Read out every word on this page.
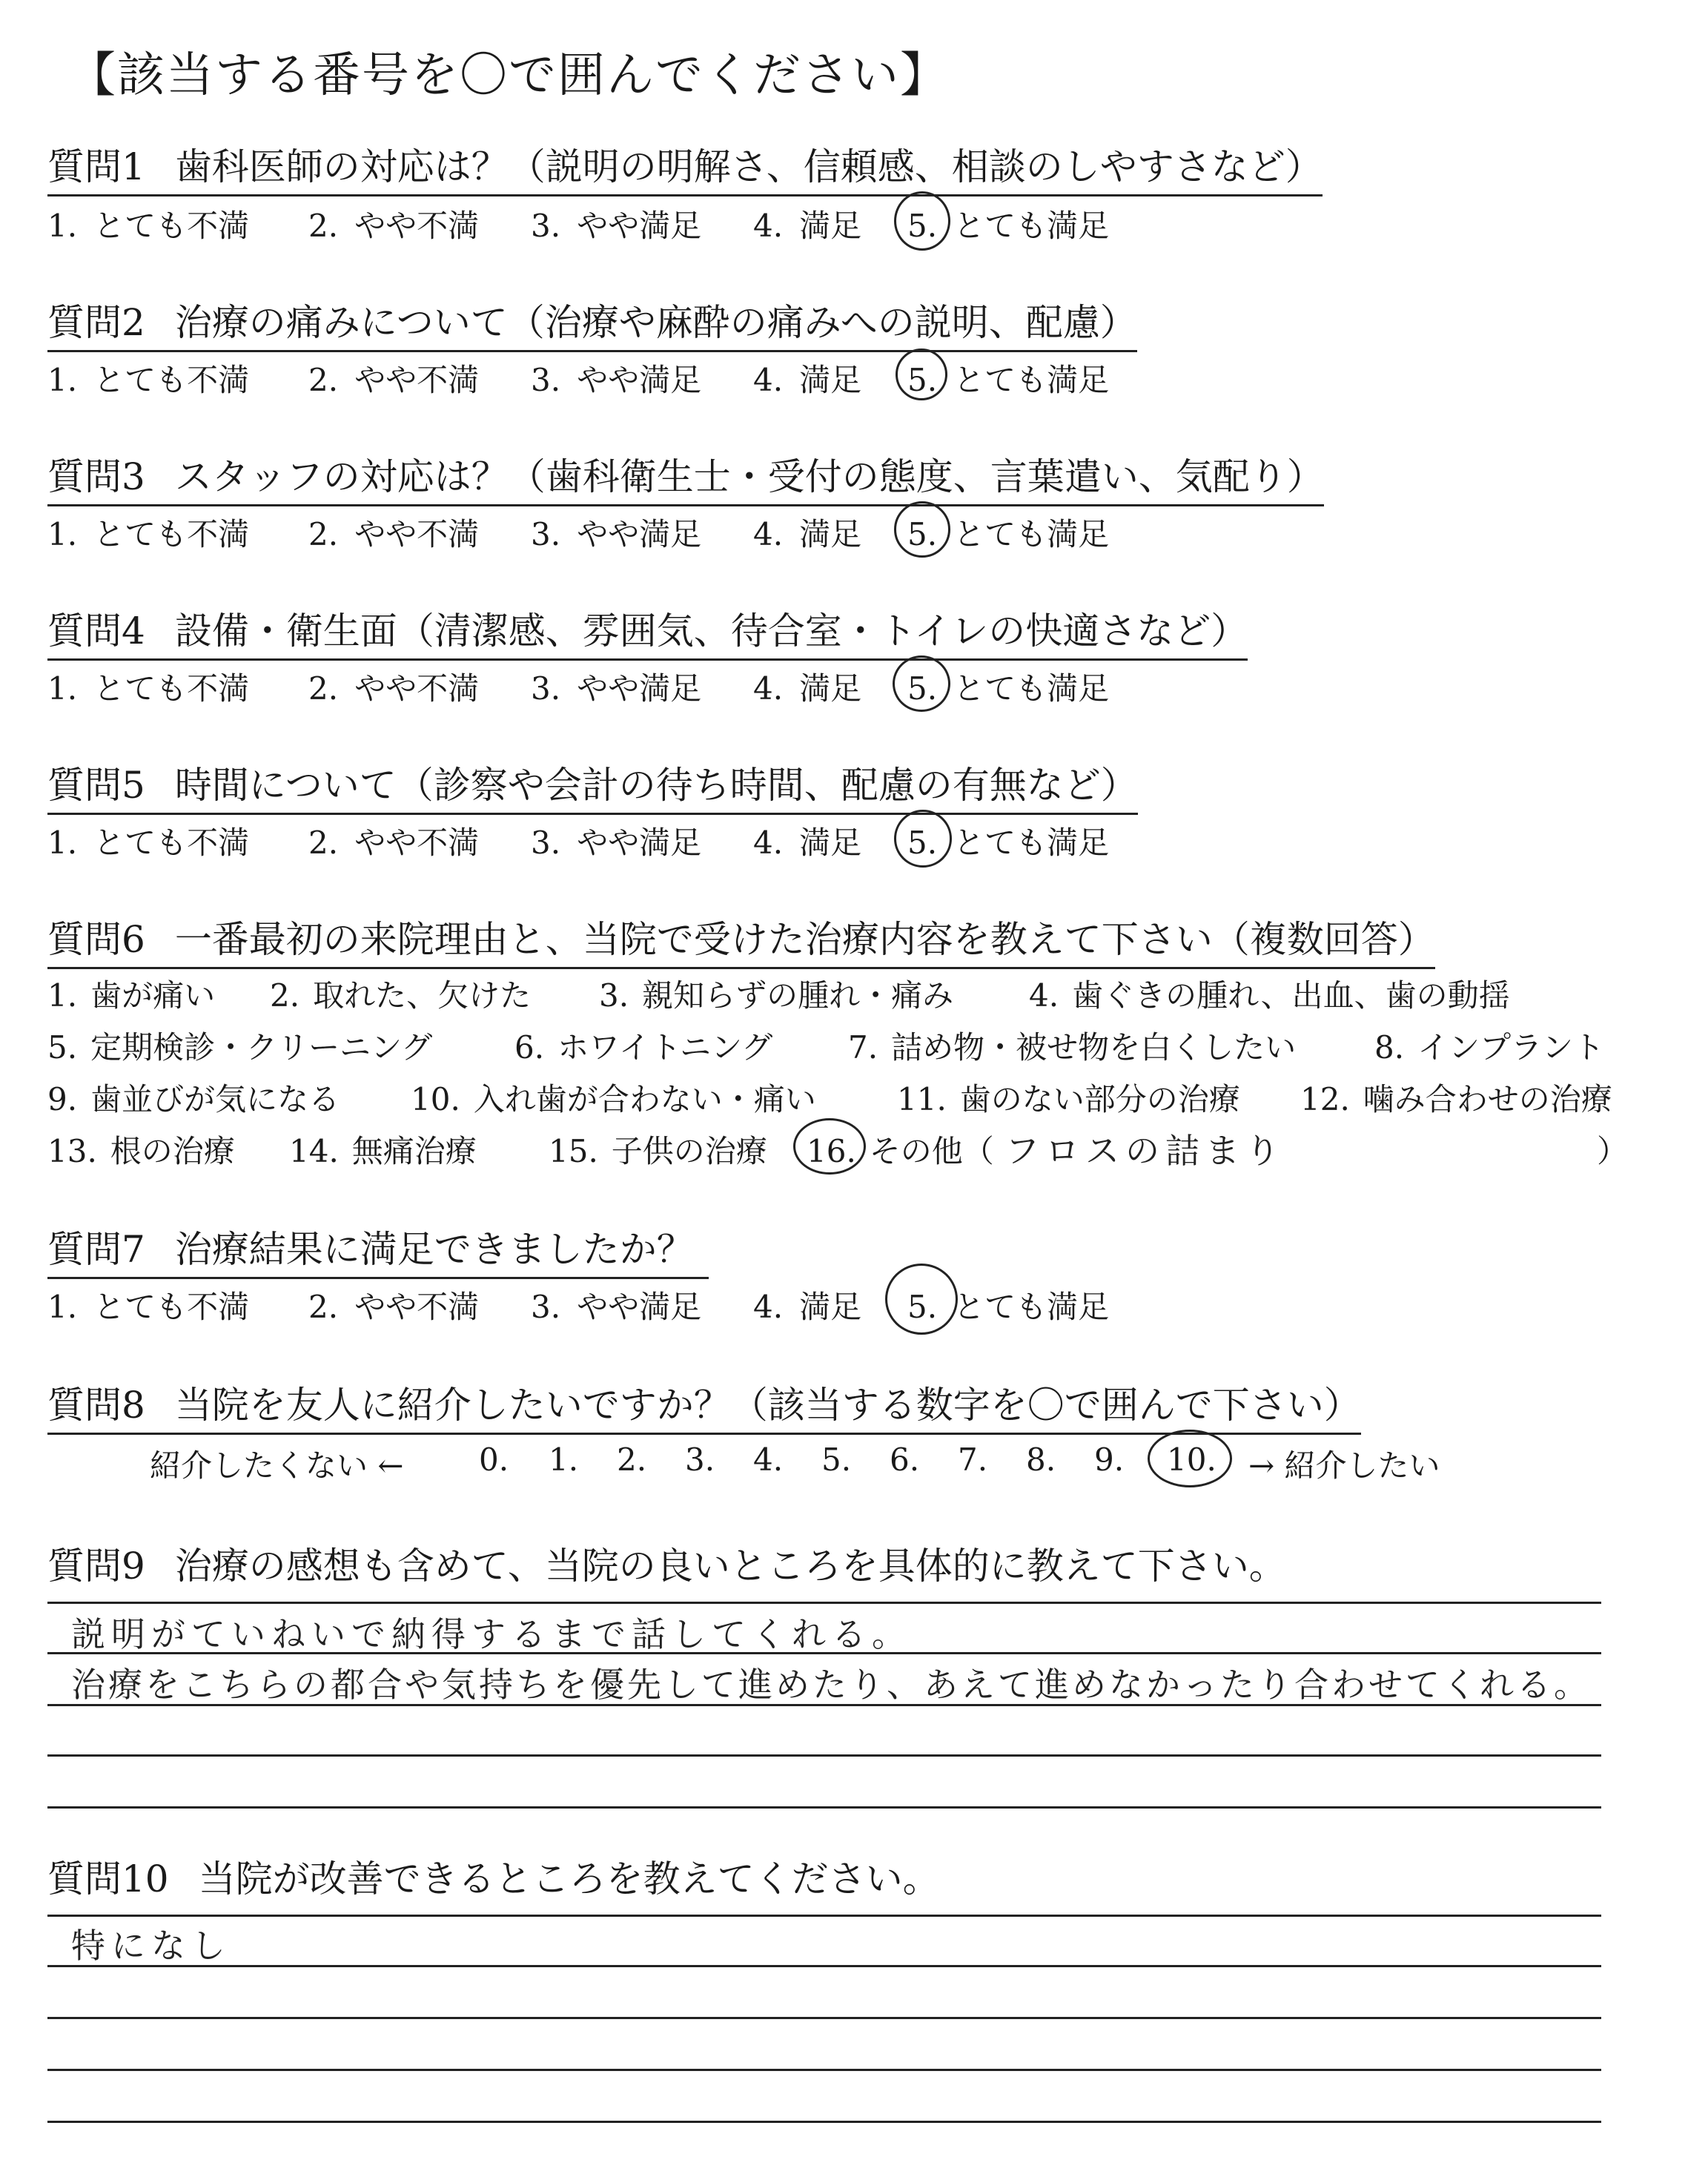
【該当する番号を〇で囲んでください】
質問1 歯科医師の対応は？（説明の明解さ、信頼感、相談のしやすさなど）
1. とても不満 2. やや不満 3. やや満足 4. 満足 5. とても満足
質問2 治療の痛みについて（治療や麻酔の痛みへの説明、配慮）
1. とても不満 2. やや不満 3. やや満足 4. 満足 5. とても満足
質問3 スタッフの対応は？（歯科衛生士・受付の態度、言葉遣い、気配り）
1. とても不満 2. やや不満 3. やや満足 4. 満足 5. とても満足
質問4 設備・衛生面（清潔感、雰囲気、待合室・トイレの快適さなど）
1. とても不満 2. やや不満 3. やや満足 4. 満足 5. とても満足
質問5 時間について（診察や会計の待ち時間、配慮の有無など）
1. とても不満 2. やや不満 3. やや満足 4. 満足 5. とても満足
質問6 一番最初の来院理由と、当院で受けた治療内容を教えて下さい（複数回答）
1. 歯が痛い 2. 取れた、欠けた 3. 親知らずの腫れ・痛み 4. 歯ぐきの腫れ、出血、歯の動揺
5. 定期検診・クリーニング	6. ホワイトニング 7. 詰め物・被せ物を白くしたい	8. インプラント
9. 歯並びが気になる 10. 入れ歯が合わない・痛い	11. 歯のない部分の治療 12. 噛み合わせの治療
13. 根の治療 14. 無痛治療 15. 子供の治療 16. その他（ フロスの詰まり	）
質問7 治療結果に満足できましたか？
1. とても不満 2. やや不満 3. やや満足 4. 満足 5. とても満足
質問8 当院を友人に紹介したいですか？（該当する数字を〇で囲んで下さい）
紹介したくない ← 0. 1. 2. 3. 4. 5. 6. 7. 8. 9. 10. → 紹介したい
質問9 治療の感想も含めて、当院の良いところを具体的に教えて下さい。
説明がていねいで納得するまで話してくれる。
治療をこちらの都合や気持ちを優先して進めたり、あえて進めなかったり合わせてくれる。
質問10 当院が改善できるところを教えてください。
特になし
